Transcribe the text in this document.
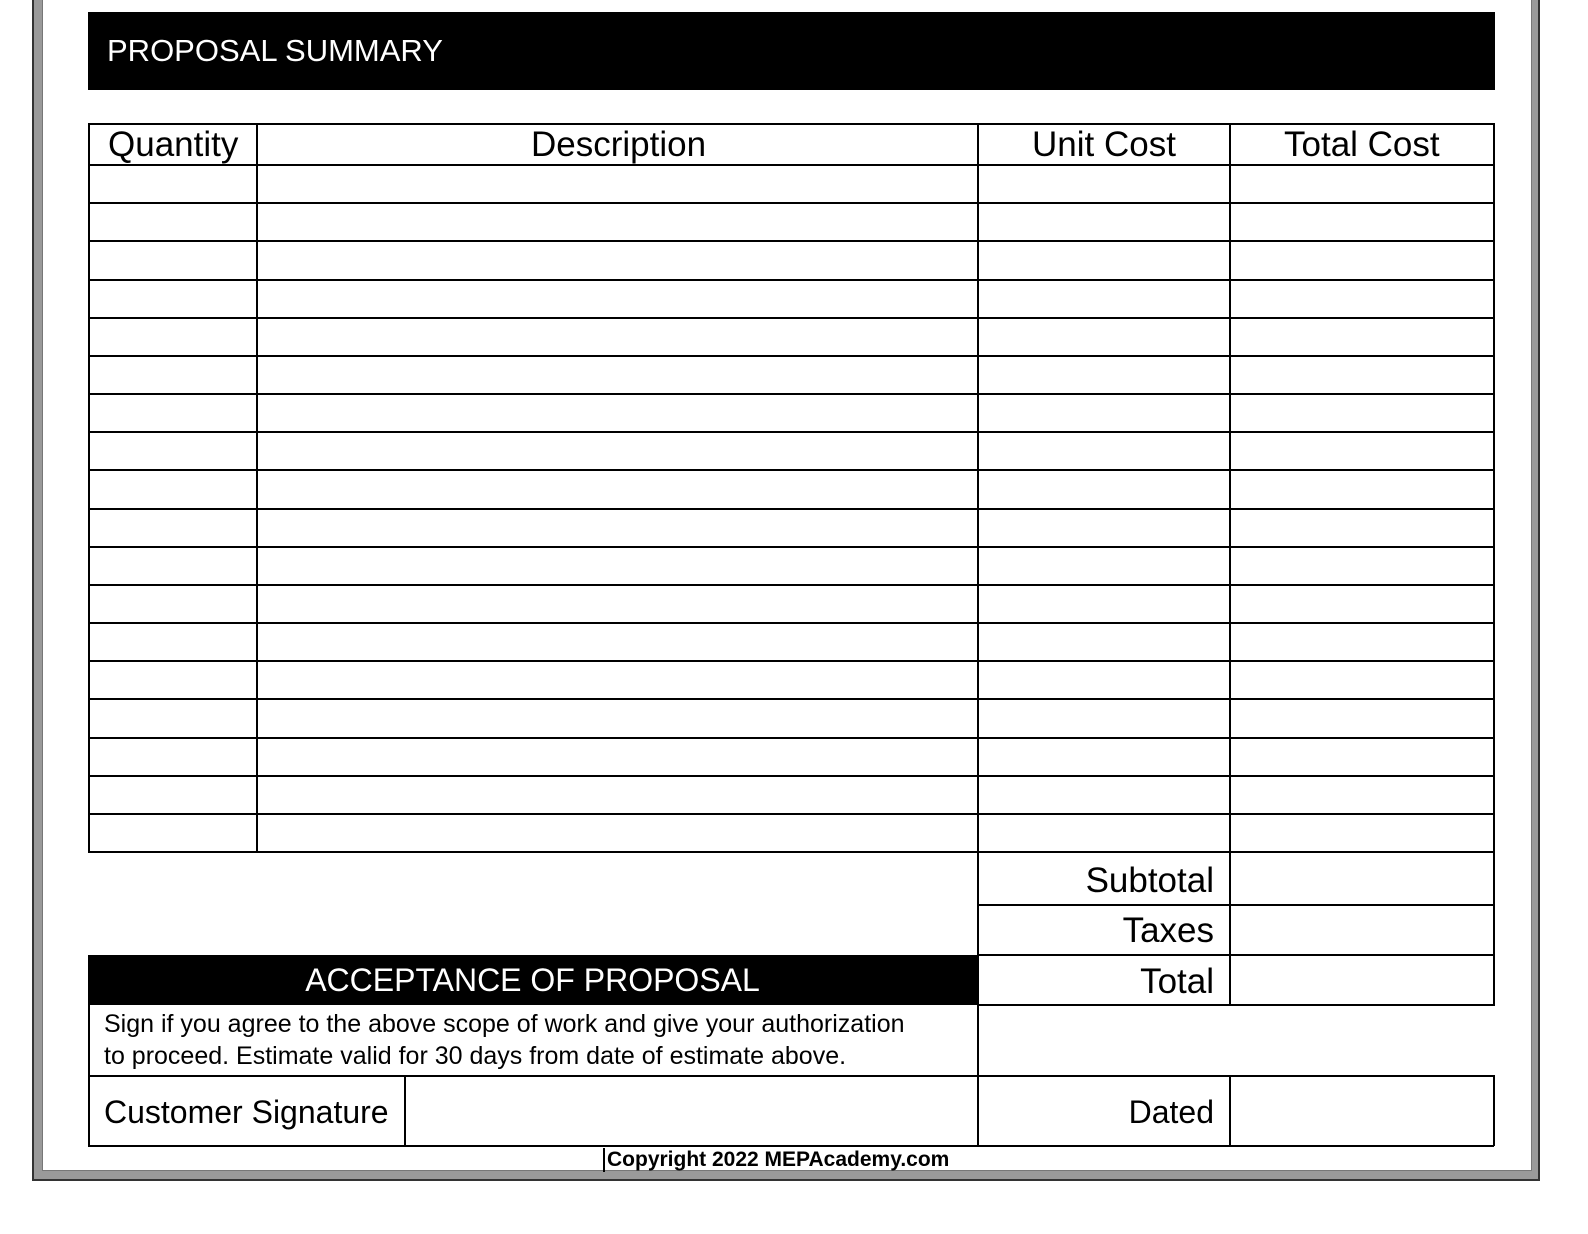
PROPOSAL SUMMARY
Quantity	Description	Unit Cost	Total Cost
Subtotal
Taxes
Total
ACCEPTANCE OF PROPOSAL
Sign if you agree to the above scope of work and give your authorization
to proceed. Estimate valid for 30 days from date of estimate above.
Customer Signature	Dated
Copyright 2022 MEPAcademy.com
